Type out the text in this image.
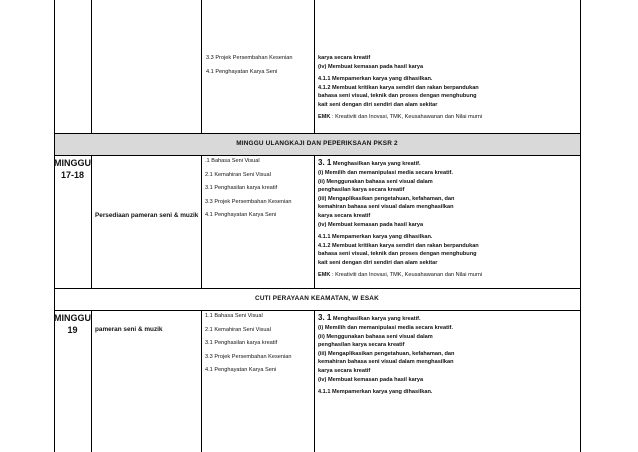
3.3 Projek Persembahan Kesenian
4.1 Penghayatan Karya Seni
karya secara kreatif
(iv) Membuat kemasan pada hasil karya
4.1.1 Mempamerkan karya yang dihasilkan.
4.1.2 Membuat kritikan karya sendiri dan rakan berpandukan
bahasa seni visual, teknik dan proses dengan menghubung
kait seni dengan diri sendiri dan alam sekitar
EMK : Kreativiti dan Inovasi, TMK, Keusahawanan dan Nilai murni
MINGGU ULANGKAJI DAN PEPERIKSAAN PKSR 2
MINGGU
17-18
Persediaan pameran seni & muzik
.1 Bahasa Seni Visual
2.1 Kemahiran Seni Visual
3.1 Penghasilan karya kreatif
3.3 Projek Persembahan Kesenian
4.1 Penghayatan Karya Seni
3. 1 Menghasilkan karya yang kreatif.
(i) Memilih dan memanipulasi media secara kreatif.
(ii) Menggunakan bahasa seni visual dalam
penghasilan karya secara kreatif
(iii) Mengaplikasikan pengetahuan, kefahaman, dan
kemahiran bahasa seni visual dalam menghasilkan
karya secara kreatif
(iv) Membuat kemasan pada hasil karya
4.1.1 Mempamerkan karya yang dihasilkan.
4.1.2 Membuat kritikan karya sendiri dan rakan berpandukan
bahasa seni visual, teknik dan proses dengan menghubung
kait seni dengan diri sendiri dan alam sekitar
EMK : Kreativiti dan Inovasi, TMK, Keusahawanan dan Nilai murni
CUTI PERAYAAN KEAMATAN, W ESAK
MINGGU
19	pameran seni & muzik
1.1 Bahasa Seni Visual
2.1 Kemahiran Seni Visual
3.1 Penghasilan karya kreatif
3.3 Projek Persembahan Kesenian
4.1 Penghayatan Karya Seni
3. 1 Menghasilkan karya yang kreatif.
(i) Memilih dan memanipulasi media secara kreatif.
(ii) Menggunakan bahasa seni visual dalam
penghasilan karya secara kreatif
(iii) Mengaplikasikan pengetahuan, kefahaman, dan
kemahiran bahasa seni visual dalam menghasilkan
karya secara kreatif
(iv) Membuat kemasan pada hasil karya
4.1.1 Mempamerkan karya yang dihasilkan.
